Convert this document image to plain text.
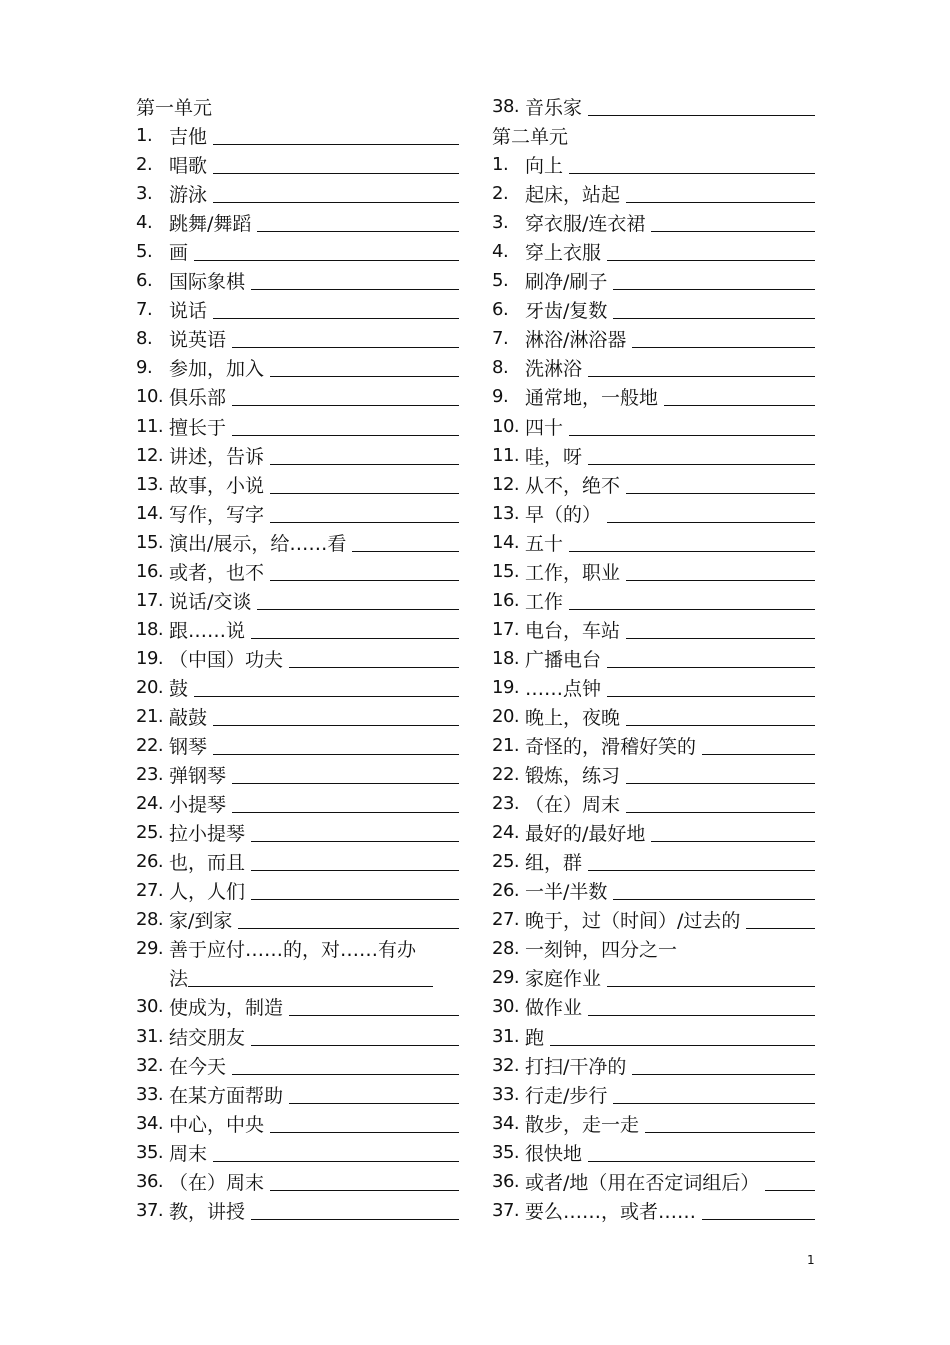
第一单元
1. 吉他
2. 唱歌
3. 游泳
4. 跳舞/舞蹈
5. 画
6. 国际象棋
7. 说话
8. 说英语
9. 参加，加入
10. 俱乐部
11. 擅长于
12. 讲述，告诉
13. 故事，小说
14. 写作，写字
15. 演出/展示，给……看
16. 或者，也不
17. 说话/交谈
18. 跟……说
19. （中国）功夫
20. 鼓
21. 敲鼓
22. 钢琴
23. 弹钢琴
24. 小提琴
25. 拉小提琴
26. 也，而且
27. 人，人们
28. 家/到家
29. 善于应付……的，对……有办
法
30. 使成为，制造
31. 结交朋友
32. 在今天
33. 在某方面帮助
34. 中心，中央
35. 周末
36. （在）周末
37. 教，讲授
38. 音乐家
第二单元
1. 向上
2. 起床，站起
3. 穿衣服/连衣裙
4. 穿上衣服
5. 刷净/刷子
6. 牙齿/复数
7. 淋浴/淋浴器
8. 洗淋浴
9. 通常地，一般地
10. 四十
11. 哇，呀
12. 从不，绝不
13. 早（的）
14. 五十
15. 工作，职业
16. 工作
17. 电台，车站
18. 广播电台
19. ……点钟
20. 晚上，夜晚
21. 奇怪的，滑稽好笑的
22. 锻炼，练习
23. （在）周末
24. 最好的/最好地
25. 组，群
26. 一半/半数
27. 晚于，过（时间）/过去的
28. 一刻钟，四分之一
29. 家庭作业
30. 做作业
31. 跑
32. 打扫/干净的
33. 行走/步行
34. 散步，走一走
35. 很快地
36. 或者/地（用在否定词组后）
37. 要么……，或者……
1
